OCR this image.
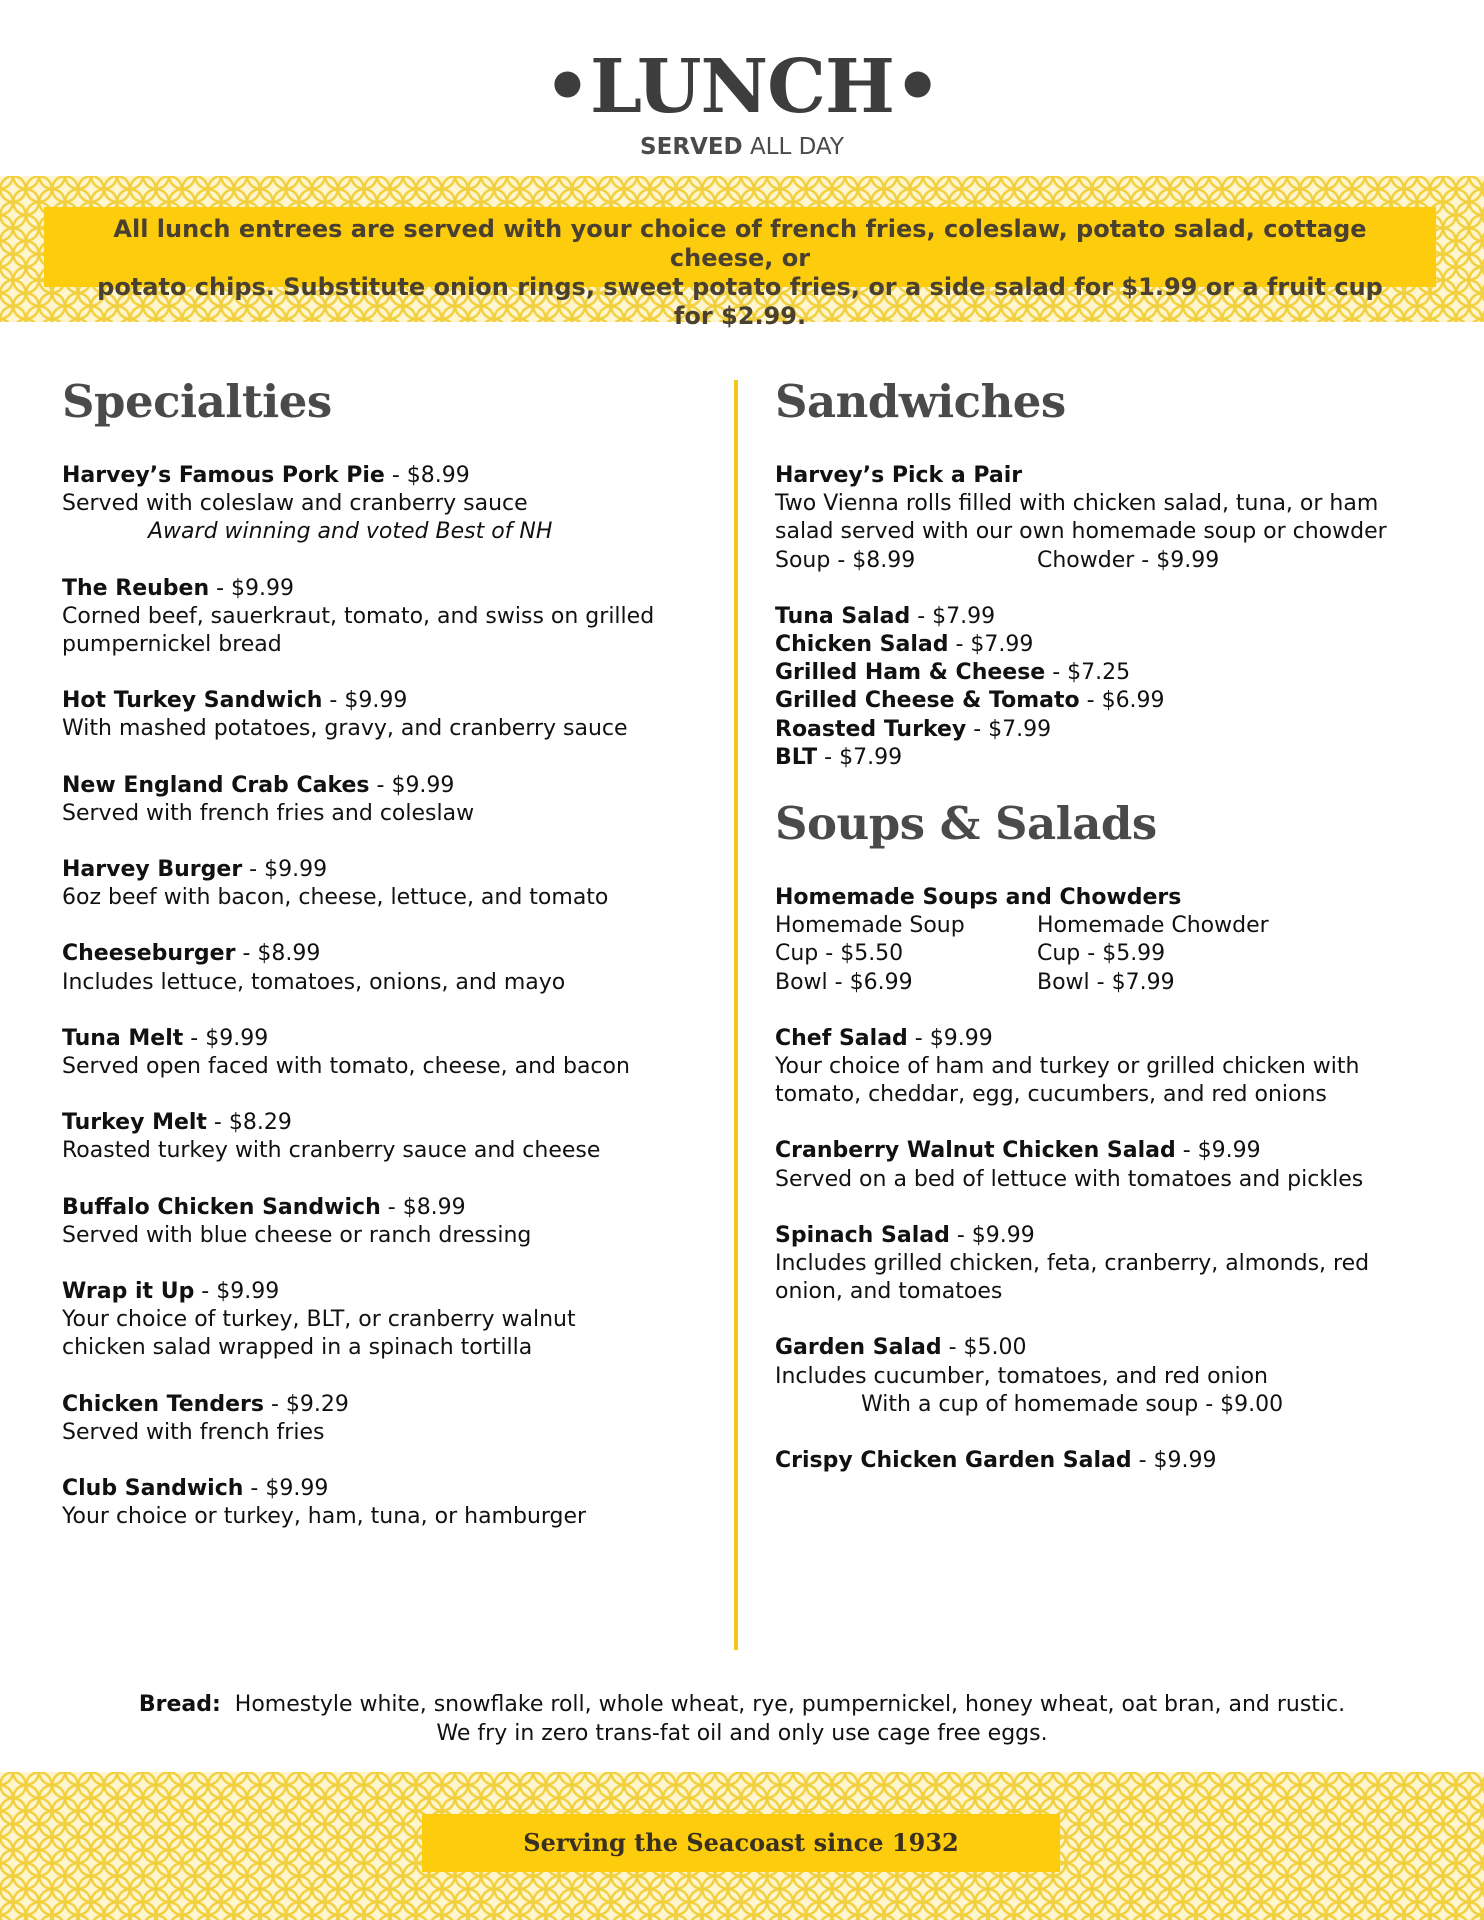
•LUNCH•
SERVED ALL DAY
All lunch entrees are served with your choice of french fries, coleslaw, potato salad, cottage cheese, or
potato chips. Substitute onion rings, sweet potato fries, or a side salad for $1.99 or a fruit cup for $2.99.
Specialties
Harvey’s Famous Pork Pie - $8.99
Served with coleslaw and cranberry sauce
Award winning and voted Best of NH
The Reuben - $9.99
Corned beef, sauerkraut, tomato, and swiss on grilled
pumpernickel bread
Hot Turkey Sandwich - $9.99
With mashed potatoes, gravy, and cranberry sauce
New England Crab Cakes - $9.99
Served with french fries and coleslaw
Harvey Burger - $9.99
6oz beef with bacon, cheese, lettuce, and tomato
Cheeseburger - $8.99
Includes lettuce, tomatoes, onions, and mayo
Tuna Melt - $9.99
Served open faced with tomato, cheese, and bacon
Turkey Melt - $8.29
Roasted turkey with cranberry sauce and cheese
Buffalo Chicken Sandwich - $8.99
Served with blue cheese or ranch dressing
Wrap it Up - $9.99
Your choice of turkey, BLT, or cranberry walnut
chicken salad wrapped in a spinach tortilla
Chicken Tenders - $9.29
Served with french fries
Club Sandwich - $9.99
Your choice or turkey, ham, tuna, or hamburger
Sandwiches
Harvey’s Pick a Pair
Two Vienna rolls filled with chicken salad, tuna, or ham
salad served with our own homemade soup or chowder
Soup - $8.99	Chowder - $9.99
Tuna Salad - $7.99
Chicken Salad - $7.99
Grilled Ham & Cheese - $7.25
Grilled Cheese & Tomato - $6.99
Roasted Turkey - $7.99
BLT - $7.99
Soups & Salads
Homemade Soups and Chowders
Homemade Soup	Homemade Chowder
Cup - $5.50	Cup - $5.99
Bowl - $6.99	Bowl - $7.99
Chef Salad - $9.99
Your choice of ham and turkey or grilled chicken with
tomato, cheddar, egg, cucumbers, and red onions
Cranberry Walnut Chicken Salad - $9.99
Served on a bed of lettuce with tomatoes and pickles
Spinach Salad - $9.99
Includes grilled chicken, feta, cranberry, almonds, red
onion, and tomatoes
Garden Salad - $5.00
Includes cucumber, tomatoes, and red onion
With a cup of homemade soup - $9.00
Crispy Chicken Garden Salad - $9.99
Bread:  Homestyle white, snowflake roll, whole wheat, rye, pumpernickel, honey wheat, oat bran, and rustic.
We fry in zero trans-fat oil and only use cage free eggs.
Serving the Seacoast since 1932
